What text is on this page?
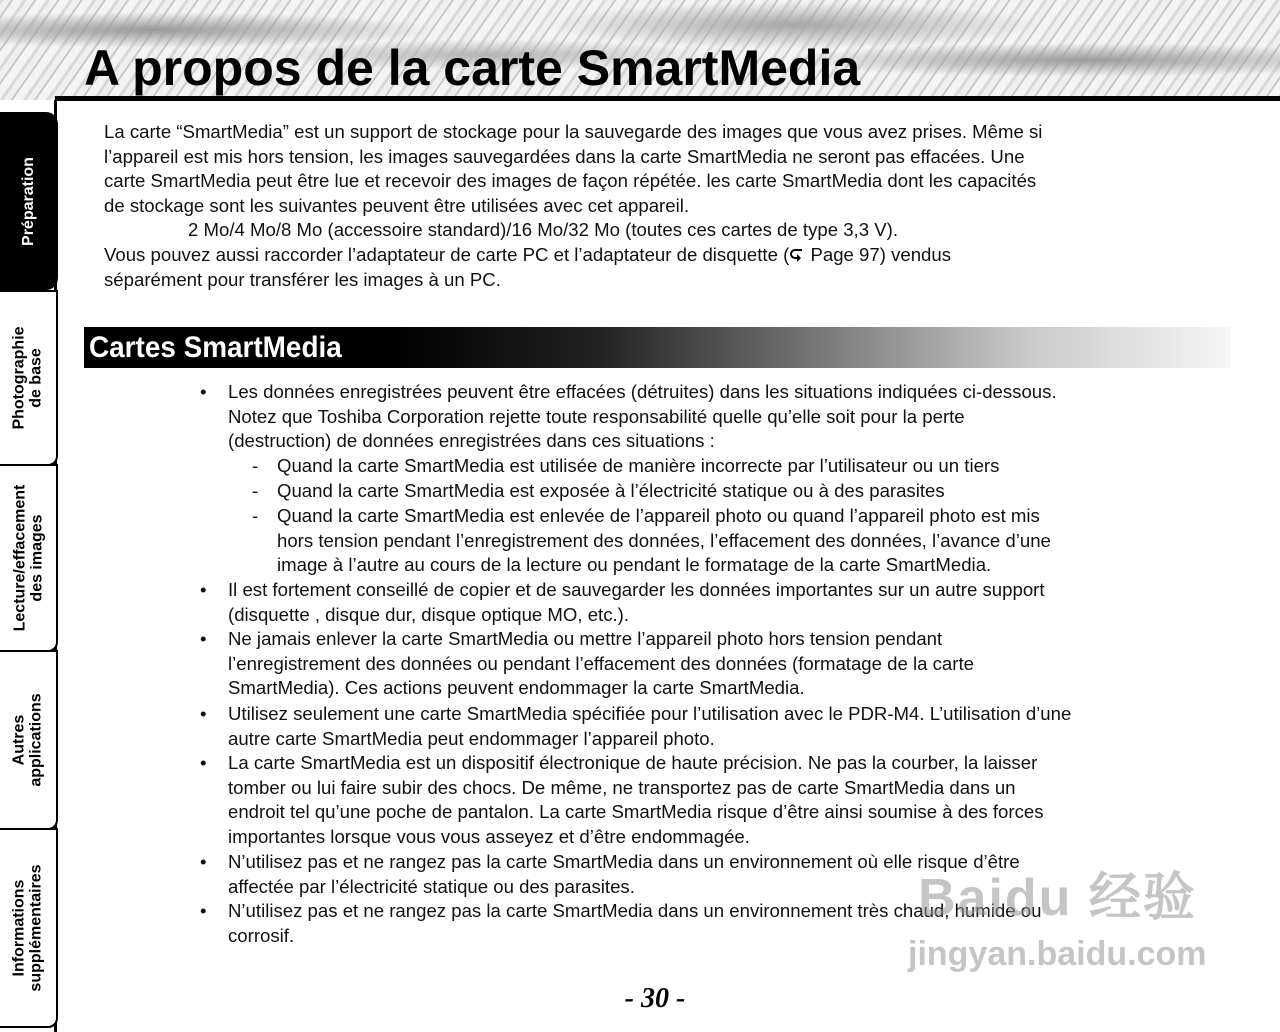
A propos de la carte SmartMedia
Préparation
Photographie
de base
Lecture/effacement
des images
Autres
applications
Informations
supplémentaires
La carte “SmartMedia” est un support de stockage pour la sauvegarde des images que vous avez prises. Même si
l’appareil est mis hors tension, les images sauvegardées dans la carte SmartMedia ne seront pas effacées. Une
carte SmartMedia peut être lue et recevoir des images de façon répétée. les carte SmartMedia dont les capacités
de stockage sont les suivantes peuvent être utilisées avec cet appareil.
2 Mo/4 Mo/8 Mo (accessoire standard)/16 Mo/32 Mo (toutes ces cartes de type 3,3 V).
Vous pouvez aussi raccorder l’adaptateur de carte PC et l’adaptateur de disquette ( Page 97) vendus
séparément pour transférer les images à un PC.
Cartes SmartMedia
• Les données enregistrées peuvent être effacées (détruites) dans les situations indiquées ci-dessous.
Notez que Toshiba Corporation rejette toute responsabilité quelle qu’elle soit pour la perte
(destruction) de données enregistrées dans ces situations :
- Quand la carte SmartMedia est utilisée de manière incorrecte par l’utilisateur ou un tiers
- Quand la carte SmartMedia est exposée à l’électricité statique ou à des parasites
- Quand la carte SmartMedia est enlevée de l’appareil photo ou quand l’appareil photo est mis
hors tension pendant l’enregistrement des données, l’effacement des données, l’avance d’une
image à l’autre au cours de la lecture ou pendant le formatage de la carte SmartMedia.
• Il est fortement conseillé de copier et de sauvegarder les données importantes sur un autre support
(disquette , disque dur, disque optique MO, etc.).
• Ne jamais enlever la carte SmartMedia ou mettre l’appareil photo hors tension pendant
l’enregistrement des données ou pendant l’effacement des données (formatage de la carte
SmartMedia). Ces actions peuvent endommager la carte SmartMedia.
• Utilisez seulement une carte SmartMedia spécifiée pour l’utilisation avec le PDR-M4. L’utilisation d’une
autre carte SmartMedia peut endommager l’appareil photo.
• La carte SmartMedia est un dispositif électronique de haute précision. Ne pas la courber, la laisser
tomber ou lui faire subir des chocs. De même, ne transportez pas de carte SmartMedia dans un
endroit tel qu’une poche de pantalon. La carte SmartMedia risque d’être ainsi soumise à des forces
importantes lorsque vous vous asseyez et d’être endommagée.
• N’utilisez pas et ne rangez pas la carte SmartMedia dans un environnement où elle risque d’être
affectée par l’électricité statique ou des parasites.
• N’utilisez pas et ne rangez pas la carte SmartMedia dans un environnement très chaud, humide ou
corrosif.
Baidu 经验
jingyan.baidu.com
- 30 -
